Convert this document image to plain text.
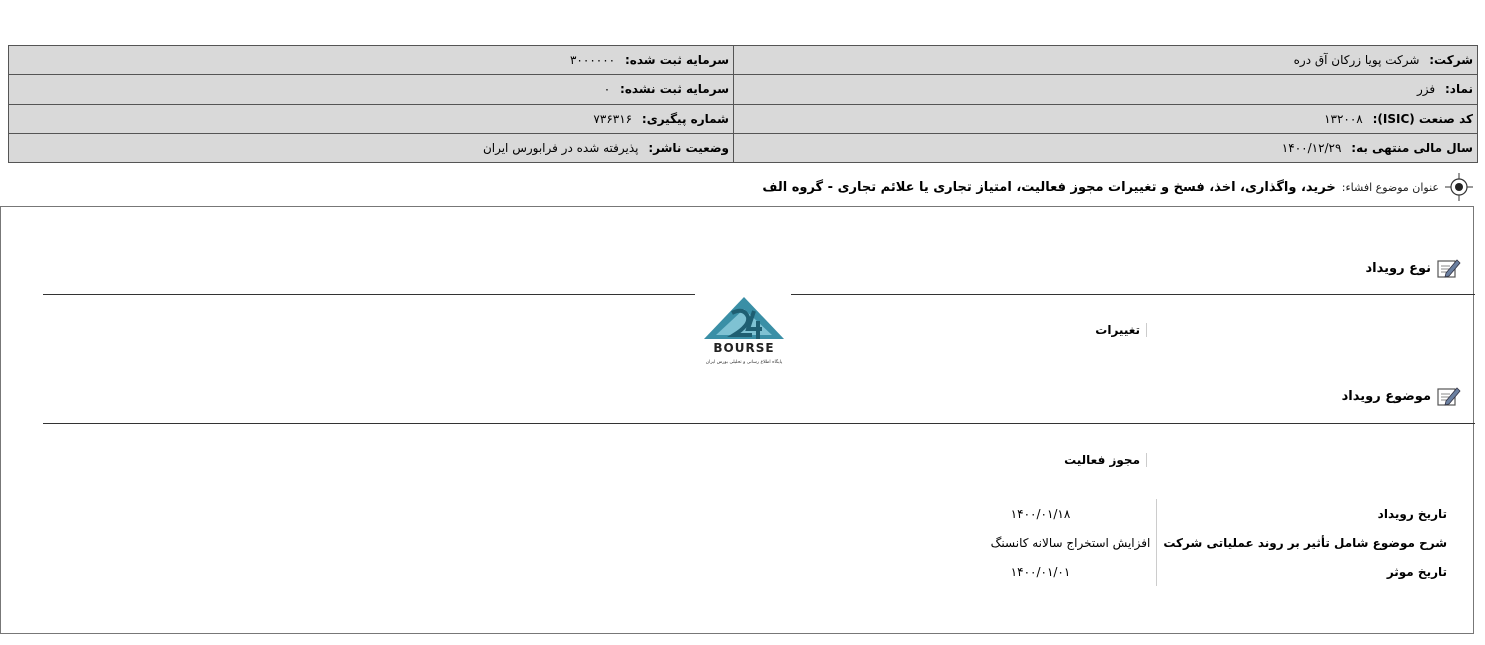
شرکت: شرکت پویا زرکان آق دره	سرمایه ثبت شده: ۳۰۰۰۰۰۰
نماد: فزر	سرمایه ثبت نشده: ۰
کد صنعت (ISIC): ۱۳۲۰۰۸	شماره پیگیری: ۷۳۶۳۱۶
سال مالی منتهی به: ۱۴۰۰/۱۲/۲۹	وضعیت ناشر: پذیرفته شده در فرابورس ایران
عنوان موضوع افشاء:
خرید، واگذاری، اخذ، فسخ و تغییرات مجوز فعالیت، امتیاز تجاری یا علائم تجاری - گروه الف
نوع رویداد
تغییرات
BOURSE
پایگاه اطلاع رسانی و تحلیلی بورس ایران
موضوع رویداد
مجوز فعالیت
تاریخ رویداد	۱۴۰۰/۰۱/۱۸
شرح موضوع شامل تأثیر بر روند عملیاتی شرکت	افزایش استخراج سالانه کانسنگ
تاریخ موثر	۱۴۰۰/۰۱/۰۱
